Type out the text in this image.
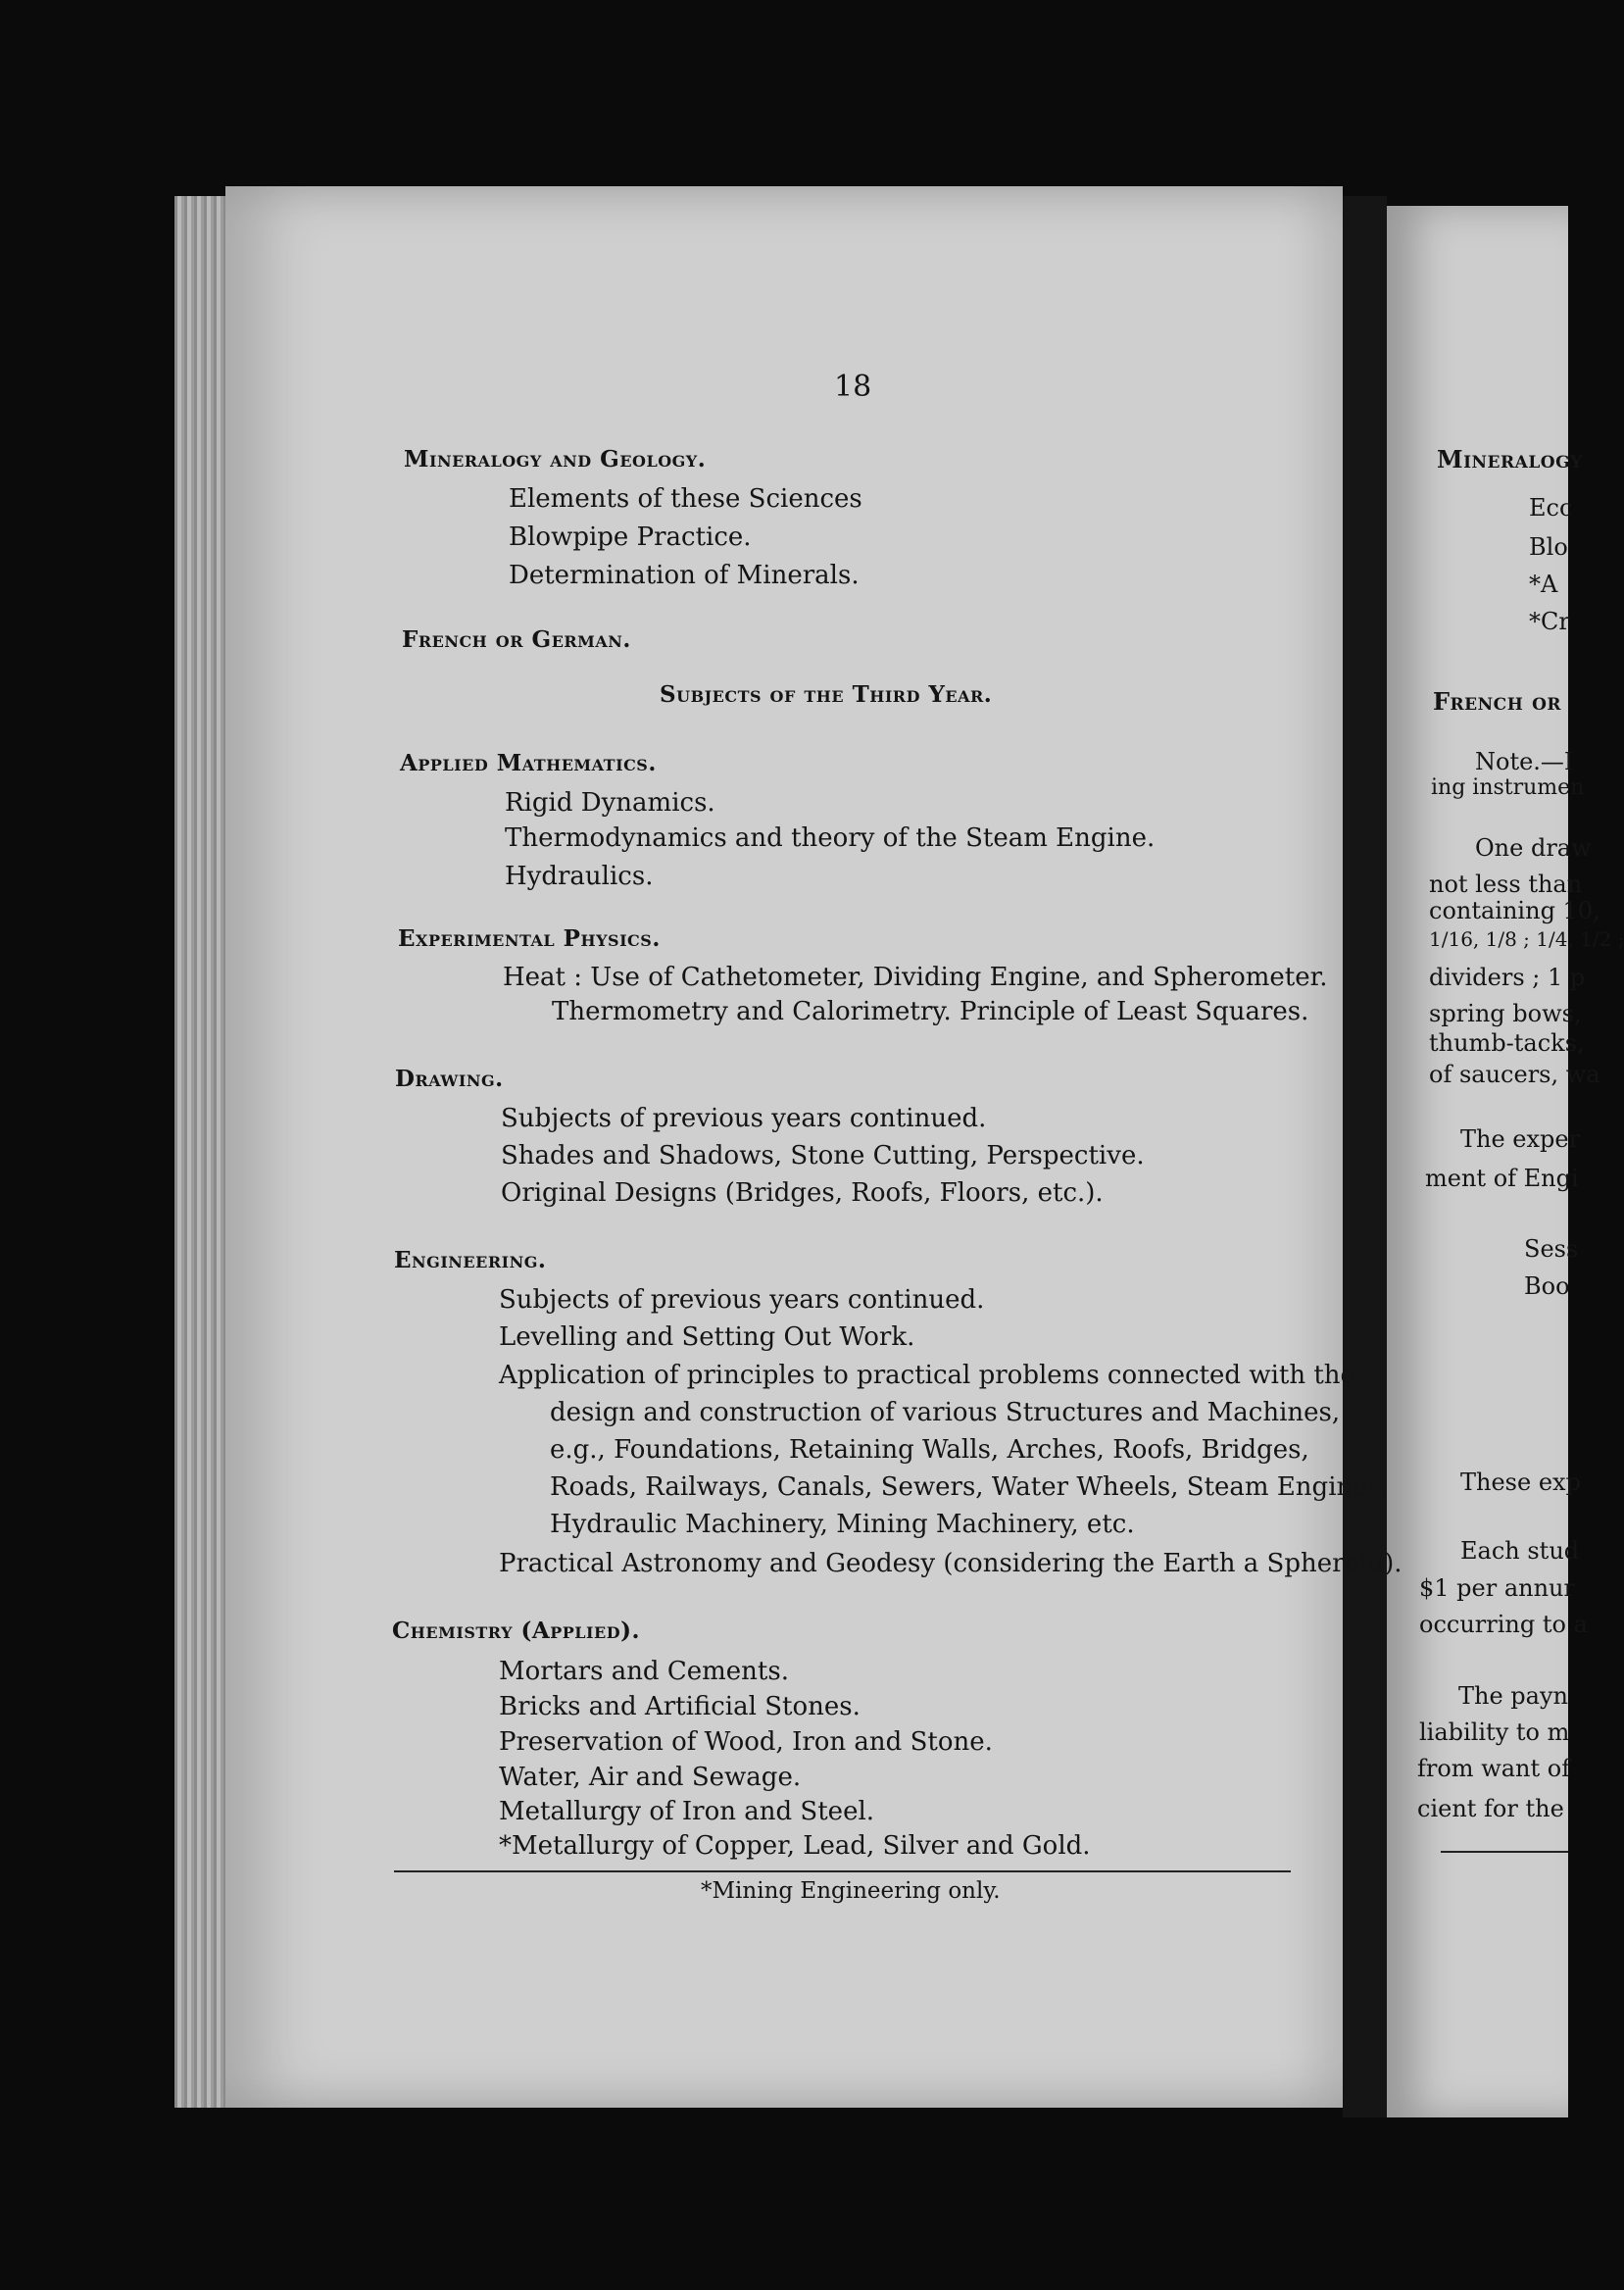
18
Mineralogy and Geology.
Elements of these Sciences
Blowpipe Practice.
Determination of Minerals.
French or German.
Subjects of the Third Year.
Applied Mathematics.
Rigid Dynamics.
Thermodynamics and theory of the Steam Engine.
Hydraulics.
Experimental Physics.
Heat : Use of Cathetometer, Dividing Engine, and Spherometer.
Thermometry and Calorimetry. Principle of Least Squares.
Drawing.
Subjects of previous years continued.
Shades and Shadows, Stone Cutting, Perspective.
Original Designs (Bridges, Roofs, Floors, etc.).
Engineering.
Subjects of previous years continued.
Levelling and Setting Out Work.
Application of principles to practical problems connected with the
design and construction of various Structures and Machines,
e.g., Foundations, Retaining Walls, Arches, Roofs, Bridges,
Roads, Railways, Canals, Sewers, Water Wheels, Steam Engines,
Hydraulic Machinery, Mining Machinery, etc.
Practical Astronomy and Geodesy (considering the Earth a Spheroid).
Chemistry (Applied).
Mortars and Cements.
Bricks and Artificial Stones.
Preservation of Wood, Iron and Stone.
Water, Air and Sewage.
Metallurgy of Iron and Steel.
*Metallurgy of Copper, Lead, Silver and Gold.
*Mining Engineering only.
Mineralogy
Ecc
Blo
*A
*Cr
French or
Note.—I
ing instrumen
One draw
not less than
containing 10,
1/16, 1/8 ; 1/4, 1/2 ;
dividers ; 1 p
spring bows,
thumb-tacks,
of saucers, wa
The exper
ment of Engi
Sess
Boo
These exp
Each stud
$1 per annur
occurring to a
The payn
liability to m
from want of
cient for the
